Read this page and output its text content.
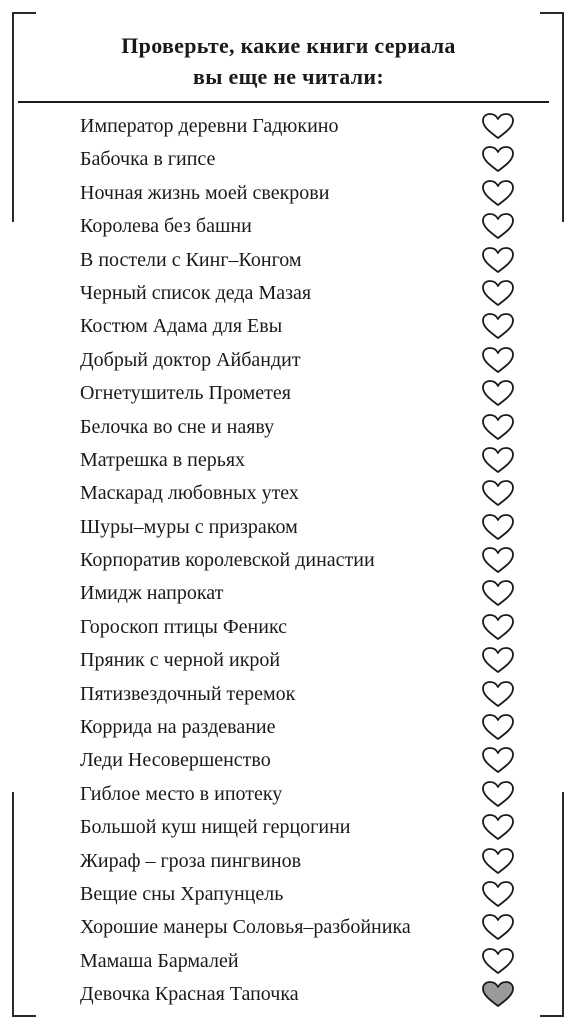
Проверьте, какие книги сериала
вы еще не читали:
Император деревни Гадюкино
Бабочка в гипсе
Ночная жизнь моей свекрови
Королева без башни
В постели с Кинг–Конгом
Черный список деда Мазая
Костюм Адама для Евы
Добрый доктор Айбандит
Огнетушитель Прометея
Белочка во сне и наяву
Матрешка в перьях
Маскарад любовных утех
Шуры–муры с призраком
Корпоратив королевской династии
Имидж напрокат
Гороскоп птицы Феникс
Пряник с черной икрой
Пятизвездочный теремок
Коррида на раздевание
Леди Несовершенство
Гиблое место в ипотеку
Большой куш нищей герцогини
Жираф – гроза пингвинов
Вещие сны Храпунцель
Хорошие манеры Соловья–разбойника
Мамаша Бармалей
Девочка Красная Тапочка
